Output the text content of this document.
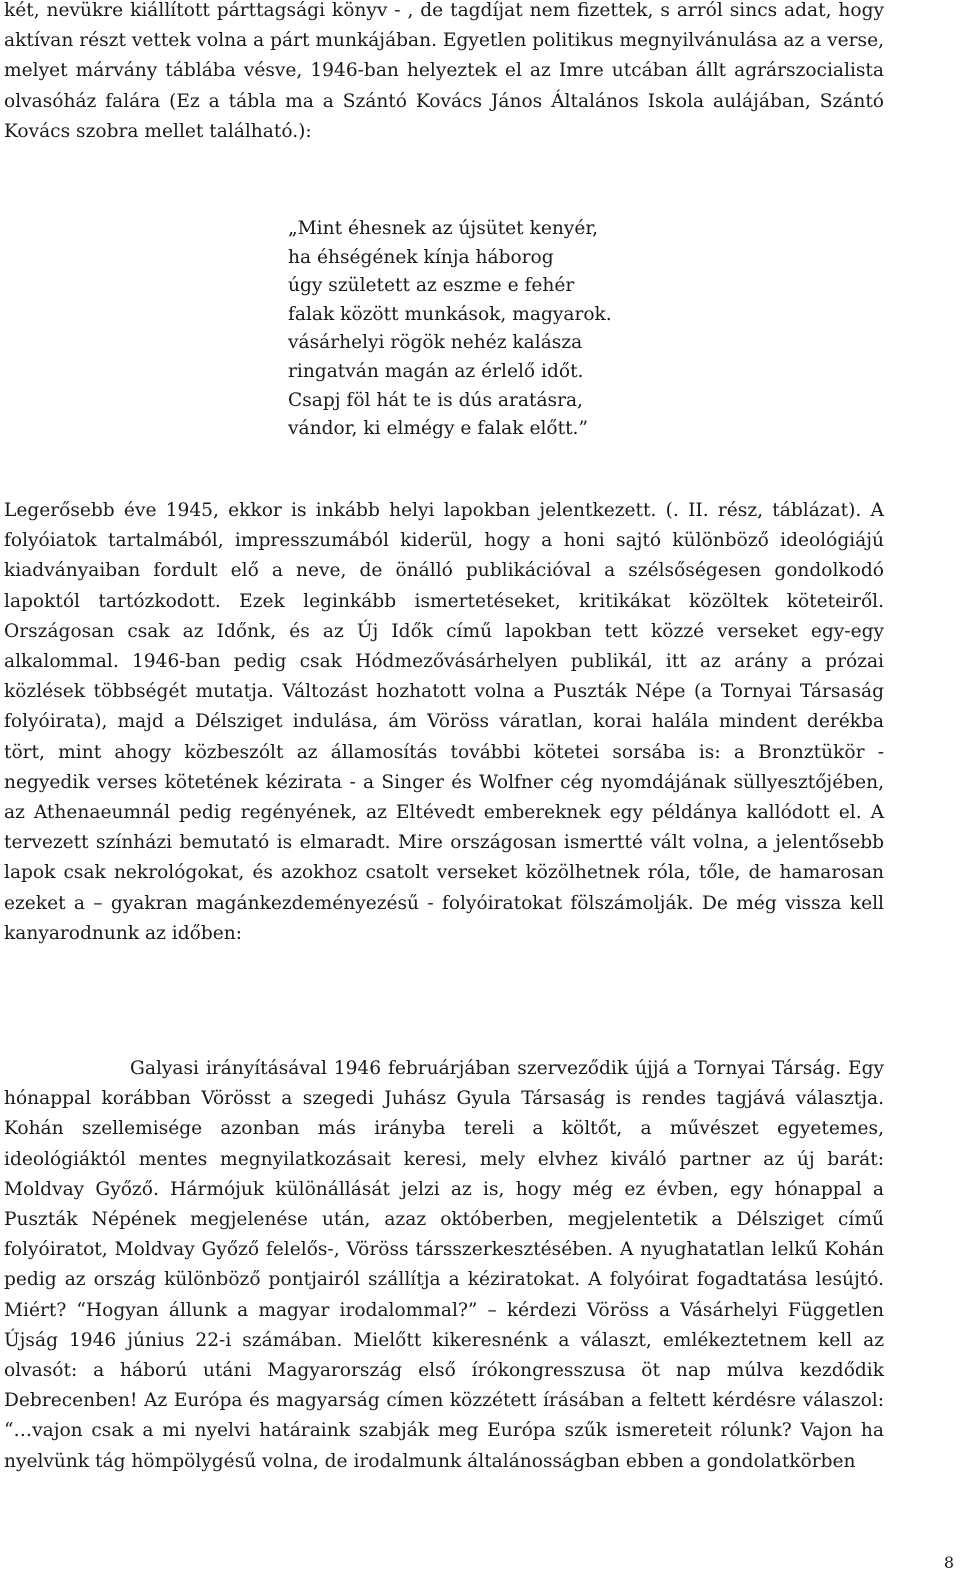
két, nevükre kiállított párttagsági könyv - , de tagdíjat nem fizettek, s arról sincs adat, hogy aktívan részt vettek volna a párt munkájában. Egyetlen politikus megnyilvánulása az a verse, melyet márvány táblába vésve, 1946-ban helyeztek el az Imre utcában állt agrárszocialista olvasóház falára (Ez a tábla ma a Szántó Kovács János Általános Iskola aulájában, Szántó Kovács szobra mellet található.):

„Mint éhesnek az újsütet kenyér,
ha éhségének kínja háborog
úgy született az eszme e fehér
falak között munkások, magyarok.
vásárhelyi rögök nehéz kalásza
ringatván magán az érlelő időt.
Csapj föl hát te is dús aratásra,
vándor, ki elmégy e falak előtt.”

Legerősebb éve 1945, ekkor is inkább helyi lapokban jelentkezett. (. II. rész, táblázat). A folyóiatok tartalmából, impresszumából kiderül, hogy a honi sajtó különböző ideológiájú kiadványaiban fordult elő a neve, de önálló publikációval a szélsőségesen gondolkodó lapoktól tartózkodott. Ezek leginkább ismertetéseket, kritikákat közöltek köteteiről. Országosan csak az Időnk, és az Új Idők című lapokban tett közzé verseket egy-egy alkalommal. 1946-ban pedig csak Hódmezővásárhelyen publikál, itt az arány a prózai közlések többségét mutatja. Változást hozhatott volna a Puszták Népe (a Tornyai Társaság folyóirata), majd a Délsziget indulása, ám Vöröss váratlan, korai halála mindent derékba tört, mint ahogy közbeszólt az államosítás további kötetei sorsába is: a Bronztükör - negyedik verses kötetének kézirata - a Singer és Wolfner cég nyomdájának süllyesztőjében, az Athenaeumnál pedig regényének, az Eltévedt embereknek egy példánya kallódott el. A tervezett színházi bemutató is elmaradt. Mire országosan ismertté vált volna, a jelentősebb lapok csak nekrológokat, és azokhoz csatolt verseket közölhetnek róla, tőle, de hamarosan ezeket a – gyakran magánkezdeményezésű - folyóiratokat fölszámolják. De még vissza kell kanyarodnunk az időben:

Galyasi irányításával 1946 februárjában szerveződik újjá a Tornyai Társág. Egy hónappal korábban Vörösst a szegedi Juhász Gyula Társaság is rendes tagjává választja. Kohán szellemisége azonban más irányba tereli a költőt, a művészet egyetemes, ideológiáktól mentes megnyilatkozásait keresi, mely elvhez kiváló partner az új barát: Moldvay Győző. Hármójuk különállását jelzi az is, hogy még ez évben, egy hónappal a Puszták Népének megjelenése után, azaz októberben, megjelentetik a Délsziget című folyóiratot, Moldvay Győző felelős-, Vöröss társszerkesztésében. A nyughatatlan lelkű Kohán pedig az ország különböző pontjairól szállítja a kéziratokat. A folyóirat fogadtatása lesújtó. Miért? “Hogyan állunk a magyar irodalommal?” – kérdezi Vöröss a Vásárhelyi Független Újság 1946 június 22-i számában. Mielőtt kikeresnénk a választ, emlékeztetnem kell az olvasót: a háború utáni Magyarország első írókongresszusa öt nap múlva kezdődik Debrecenben! Az Európa és magyarság címen közzétett írásában a feltett kérdésre válaszol: “…vajon csak a mi nyelvi határaink szabják meg Európa szűk ismereteit rólunk? Vajon ha nyelvünk tág hömpölygésű volna, de irodalmunk általánosságban ebben a gondolatkörben

8
